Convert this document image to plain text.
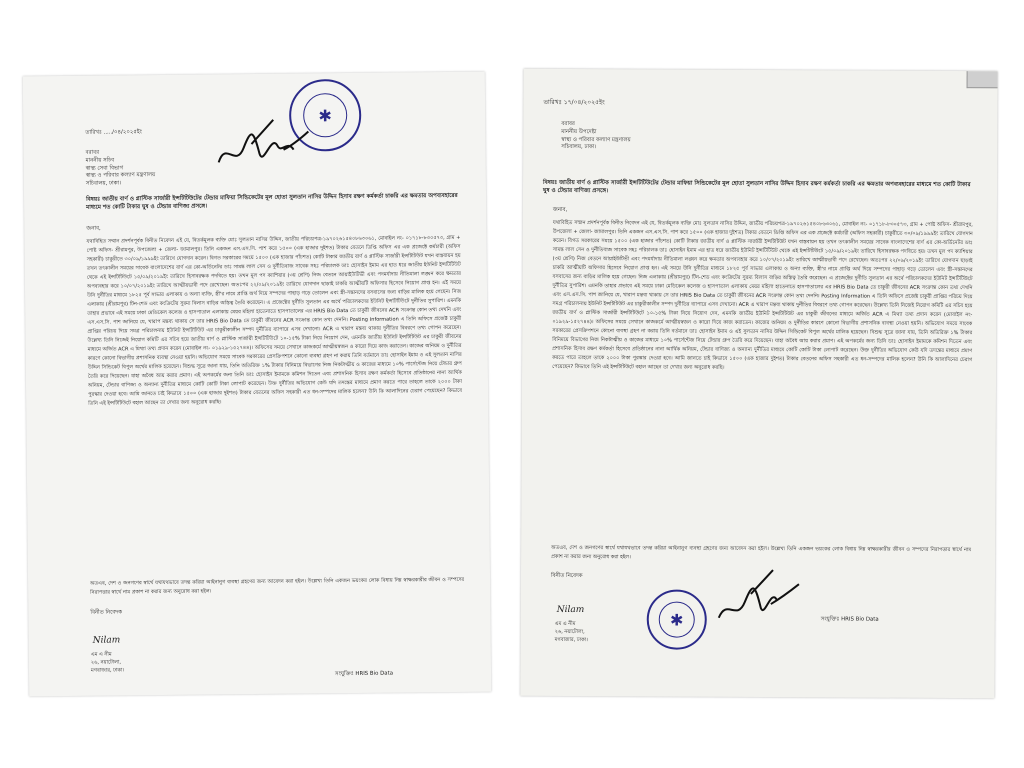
তারিখঃ ...../০৪/২০২৫ইং
✱
বরাবর
মাননীয় সচিব
স্বাস্থ্য সেবা বিভাগ
স্বাস্থ্য ও পরিবার কল্যাণ মন্ত্রণালয়
সচিবালয়, ঢাকা।
বিষয়ঃ জাতীয় বার্ণ ও প্লাস্টিক সার্জারী ইন্সটিটিউটের টেন্ডার মাফিয়া সিন্ডিকেটের মূল হোতা সুলতান নাসির উদ্দিন হিসাব রক্ষণ কর্মকর্তা চাকরি এর ক্ষমতার অপব্যবহারের মাধ্যমে শত কোটি টাকার ঘুষ ও টেন্ডার বাণিজ্য প্রসঙ্গে।
জনাব,
যথাবিহিত সম্মান প্রদর্শনপূর্বক বিনীত নিবেদন এই যে, বিতর্কমূলক ব্যক্তি মোঃ সুলতান নাসির উদ্দিন, জাতীয় পরিচয়পত্র-১৯৭০২৬১৫৪০৮৬৩০৬১, মোবাইল নং- ০১৭১৮-৮৩০৫৭৩, গ্রাম + পোষ্ট অফিস- শ্রীরামপুর, উপজেলা + জেলা- জামালপুর। তিনি একজন এস.এস.সি. পাশ করে ১৫০০ (এক হাজার দুইশত) টাকার বেতনে ডিপ্তি অফিস এর এক প্রজেক্টে কর্মচারী (অফিস সহকারী) চাকুরীতে ৩০/০৯/১৯৯৯ইং তারিখে যোগদান করেন। বিগত সরকারের সময়ে ১৫০০ (এক হাজার পাঁচশত) কোটি টাকার জাতীয় বার্ণ ও প্লাস্টিক সার্জারী ইন্সটিটিউট যখন বাস্তবায়ন হয় তখন তৎকালীন সময়ের সাবেক বাংলাদেশের বার্ণ এর কো-অর্ডিনেটর ডাঃ সামন্ত লাল সেন ও দুর্নীতিবাজ সাবেক সহঃ পরিচালক ডাঃ হোসাইন ইমাম এর হাত ধরে জাতীয় ইউনিট ইন্সটিটিউট থেকে এই ইন্সটিটিউটে ১৫/০৯/২০১৯ইং তারিখে হিসাবরক্ষক পদবিতে হয়। তখন মূল পদ ক্যাশিয়ার (৩য় শ্রেণি) নিজ বেতনে আয়াইউটিভী এবং পদমর্যাদায় নীতিমালা লঙ্ঘন করে ক্ষমতার অপব্যবহার করে ১০/০৭/২০১৯ইং তারিখে আত্মীয়ভাবী পদে রেখেছেন। অতঃপর ২২/০৯/২০১৯ইং তারিখে যোগদান ছাড়াই চাকরি আত্মীয়টি অফিসার হিসেবে নিয়োগ প্রাপ্ত হন। এই সময়ে উনি দুর্নীতির মাধ্যমে ১৮২৫ পূর্ব সাভার এলাকায় ও অন্যা ব্যক্তি, স্ত্রী'র নামে প্রাপ্তি অর্থ দিয়ে সম্পদের পাহাড় গড়ে তোলেন এবং স্ত্রী-সন্তানদের বসবাসের জন্য বাড়ির মালিক হয়ে গেছেন। নিজ এলাকায় (শ্রীরামপুর) টিন-শেড এবং কংক্রিটের সুরম্য বিলাস বাড়ির অস্তিত্ব তৈরি করেছেন। এ প্রজেক্টের দুর্নীতি সুলতান এর অর্থে পরিচালকদের ইউনিট ইন্সটিটিউটে দুর্নীতির সুপারিশ। এমনকি তাহার প্রভাবে এই সময়ে ঢাকা মেডিকেল কলেজ ও হাসপাতাল এলাকায় মেয়র মহিলা হাতেনাতে হাসপাতালের এর HRIS Bio Data তে চাকুরী জীবনের ACR সংক্রান্ত কোন তথ্য দেখনি এবং এস.এস.সি. পাশ জানিয়ে যে, খারাপ মন্তব্য থাকায় সে তার HRIS Bio Data তে চাকুরী জীবনের ACR সংক্রান্ত কোন তথ্য দেননি। Posting Information এ তিনি অফিসে প্রজেক্ট চাকুরী প্রাপ্তির পরিচয় দিয়ে সমগ্র পরিচালনায় ইউনিট ইন্সটিটিউট এর চাকুরীকালীন সম্পদ দুর্নীতির ব্যাপারে এসব দেখানো। ACR এ খারাপ মন্তব্য থাকায় দুর্নীতির বিবরণে তথ্য গোপন করেছেন। উল্লেখ্য তিনি নিজেই নিয়োগ কমিটি এর সচিব হয়ে জাতীয় বার্ণ ও প্লাস্টিক সার্জারী ইন্সটিটিউটে ১০-১৫% টাকা নিয়ে নিয়োগ দেন, এমনকি জাতীয় ইউনিট ইন্সটিটিউট এর চাকুরী জীবনের মাধ্যমে অর্জিত ACR এ মিথ্যা তথ্য প্রদান করেন (মোবাইল নং- ০১৯২৯-১৫২৭৪৪)। অফিসের সময়ে সেখানে কাজকর্মে আত্মীয়স্বজন ও কারো দিয়ে কাজ করাতেন। কাজের অনিয়ম ও দুর্নীতির কারণে কোনো বিভাগীয় প্রশাসনিক ব্যবস্থা নেওয়া হয়নি। অভিযোগ সময়ে সাবেক সরকারের প্রেসক্রিপশনে কোনো ব্যবস্থা গ্রহণ না করায় তিনি বর্তমানে ডাঃ হোসাইন ইমাম ও এই সুলতান নাসির উদ্দিন সিন্ডিকেট বিপুল অর্থের মালিক হয়েছেন। বিশুদ্ধ সূত্রে জানা যায়, তিনি অতিরিক্ত ১% টাকার বিনিময়ে বিভাগের নিজ নিকটাত্মীয় ও কাজের মাধ্যমে ১০% পার্সেন্টেজ নিয়ে টেন্ডার গ্রুপ তৈরি করে দিয়েছেন। যাহা অবৈধ আয় করার প্রমাণ। এই অপকর্মের জন্য তিনি ডাঃ হোসাইন ইমামকে কমিশন দিতেন এবং প্রশাসনিক হিসাব রক্ষণ কর্মকর্তা হিসেবে প্রতিষ্ঠানের নানা আর্থিক অনিয়ম, টেন্ডার বাণিজ্য ও অন্যান্য দুর্নীতির মাধ্যমে কোটি কোটি টাকা লোপাট করেছেন। উক্ত দুর্নীতির অভিযোগ কেউ যদি তদন্তের মাধ্যমে প্রমাণ করতে পারে তাহলে তাকে ২০০০ টাকা পুরস্কার দেওয়া হবে। আমি জানতে চাই কিভাবে ১৫০০ (এক হাজার দুইশত) টাকার বেতনের অফিস সহকারী এত ধন-সম্পদের মালিক হলেন? উনি কি আলাদিনের চেরাগ পেয়েছেন? কিভাবে তিনি এই ইন্সটিটিউটে বহাল আছেন তা দেখার জন্য অনুরোধ করছি।
অতএব, দেশ ও জনগণের স্বার্থে যথাযথভাবে তদন্ত করিয়া আইনানুগ ব্যবস্থা গ্রহণের জন্য আবেদন করা হইল। উল্লেখ্য তিনি একজন ভয়ংকর লোক বিধায় নিম্ন স্বাক্ষরকারীর জীবন ও সম্পদের নিরাপত্তার স্বার্থে নাম প্রকাশ না করার জন্য অনুরোধ করা হইল।
বিনীত নিবেদক
Nilam
এম এ নীম
২৬, নয়াটোলা,
মগবাজার, ঢাকা।
সংযুক্তিঃ HRIS Bio Data
তারিখঃ ১৭/০৪/২০২৫ইং
বরাবর
মাননীয় উপদেষ্টা
স্বাস্থ্য ও পরিবার কল্যাণ মন্ত্রণালয়
সচিবালয়, ঢাকা।
বিষয়ঃ জাতীয় বার্ণ ও প্লাস্টিক সার্জারী ইন্সটিটিউটের টেন্ডার মাফিয়া সিন্ডিকেটের মূল হোতা সুলতান নাসির উদ্দিন হিসাব রক্ষণ কর্মকর্তা চাকরি এর ক্ষমতার অপব্যবহারের মাধ্যমে শত কোটি টাকার ঘুষ ও টেন্ডার বাণিজ্য প্রসঙ্গে।
জনাব,
যথাবিহিত সম্মান প্রদর্শনপূর্বক বিনীত নিবেদন এই যে, বিতর্কমূলক ব্যক্তি মোঃ সুলতান নাসির উদ্দিন, জাতীয় পরিচয়পত্র-১৯৭০২৬১৫৪০৮৬৩০৬১, মোবাইল নং- ০১৭১৮-৮৩০৫৭৩, গ্রাম + পোষ্ট অফিস- শ্রীরামপুর, উপজেলা + জেলা- জামালপুর। তিনি একজন এস.এস.সি. পাশ করে ১৫০০ (এক হাজার দুইশত) টাকার বেতনে ডিপ্তি অফিস এর এক প্রজেক্টে কর্মচারী (অফিস সহকারী) চাকুরীতে ৩০/০৯/১৯৯৯ইং তারিখে যোগদান করেন। বিগত সরকারের সময়ে ১৫০০ (এক হাজার পাঁচশত) কোটি টাকার জাতীয় বার্ণ ও প্লাস্টিক সার্জারী ইন্সটিটিউট যখন বাস্তবায়ন হয় তখন তৎকালীন সময়ের সাবেক বাংলাদেশের বার্ণ এর কো-অর্ডিনেটর ডাঃ সামন্ত লাল সেন ও দুর্নীতিবাজ সাবেক সহঃ পরিচালক ডাঃ হোসাইন ইমাম এর হাত ধরে জাতীয় ইউনিট ইন্সটিটিউট থেকে এই ইন্সটিটিউটে ১৫/০৯/২০১৯ইং তারিখে হিসাবরক্ষক পদবিতে হয়। তখন মূল পদ ক্যাশিয়ার (৩য় শ্রেণি) নিজ বেতনে আয়াইউটিভী এবং পদমর্যাদায় নীতিমালা লঙ্ঘন করে ক্ষমতার অপব্যবহার করে ১০/০৭/২০১৯ইং তারিখে আত্মীয়ভাবী পদে রেখেছেন। অতঃপর ২২/০৯/২০১৯ইং তারিখে যোগদান ছাড়াই চাকরি আত্মীয়টি অফিসার হিসেবে নিয়োগ প্রাপ্ত হন। এই সময়ে উনি দুর্নীতির মাধ্যমে ১৮২৫ পূর্ব সাভার এলাকায় ও অন্যা ব্যক্তি, স্ত্রী'র নামে প্রাপ্তি অর্থ দিয়ে সম্পদের পাহাড় গড়ে তোলেন এবং স্ত্রী-সন্তানদের বসবাসের জন্য বাড়ির মালিক হয়ে গেছেন। নিজ এলাকায় (শ্রীরামপুর) টিন-শেড এবং কংক্রিটের সুরম্য বিলাস বাড়ির অস্তিত্ব তৈরি করেছেন। এ প্রজেক্টের দুর্নীতি সুলতান এর অর্থে পরিচালকদের ইউনিট ইন্সটিটিউটে দুর্নীতির সুপারিশ। এমনকি তাহার প্রভাবে এই সময়ে ঢাকা মেডিকেল কলেজ ও হাসপাতাল এলাকায় মেয়র মহিলা হাতেনাতে হাসপাতালের এর HRIS Bio Data তে চাকুরী জীবনের ACR সংক্রান্ত কোন তথ্য দেখনি এবং এস.এস.সি. পাশ জানিয়ে যে, খারাপ মন্তব্য থাকায় সে তার HRIS Bio Data তে চাকুরী জীবনের ACR সংক্রান্ত কোন তথ্য দেননি। Posting Information এ তিনি অফিসে প্রজেক্ট চাকুরী প্রাপ্তির পরিচয় দিয়ে সমগ্র পরিচালনায় ইউনিট ইন্সটিটিউট এর চাকুরীকালীন সম্পদ দুর্নীতির ব্যাপারে এসব দেখানো। ACR এ খারাপ মন্তব্য থাকায় দুর্নীতির বিবরণে তথ্য গোপন করেছেন। উল্লেখ্য তিনি নিজেই নিয়োগ কমিটি এর সচিব হয়ে জাতীয় বার্ণ ও প্লাস্টিক সার্জারী ইন্সটিটিউটে ১০-১৫% টাকা নিয়ে নিয়োগ দেন, এমনকি জাতীয় ইউনিট ইন্সটিটিউট এর চাকুরী জীবনের মাধ্যমে অর্জিত ACR এ মিথ্যা তথ্য প্রদান করেন (মোবাইল নং- ০১৯২৯-১৫২৭৪৪)। অফিসের সময়ে সেখানে কাজকর্মে আত্মীয়স্বজন ও কারো দিয়ে কাজ করাতেন। কাজের অনিয়ম ও দুর্নীতির কারণে কোনো বিভাগীয় প্রশাসনিক ব্যবস্থা নেওয়া হয়নি। অভিযোগ সময়ে সাবেক সরকারের প্রেসক্রিপশনে কোনো ব্যবস্থা গ্রহণ না করায় তিনি বর্তমানে ডাঃ হোসাইন ইমাম ও এই সুলতান নাসির উদ্দিন সিন্ডিকেট বিপুল অর্থের মালিক হয়েছেন। বিশুদ্ধ সূত্রে জানা যায়, তিনি অতিরিক্ত ১% টাকার বিনিময়ে বিভাগের নিজ নিকটাত্মীয় ও কাজের মাধ্যমে ১০% পার্সেন্টেজ নিয়ে টেন্ডার গ্রুপ তৈরি করে দিয়েছেন। যাহা অবৈধ আয় করার প্রমাণ। এই অপকর্মের জন্য তিনি ডাঃ হোসাইন ইমামকে কমিশন দিতেন এবং প্রশাসনিক হিসাব রক্ষণ কর্মকর্তা হিসেবে প্রতিষ্ঠানের নানা আর্থিক অনিয়ম, টেন্ডার বাণিজ্য ও অন্যান্য দুর্নীতির মাধ্যমে কোটি কোটি টাকা লোপাট করেছেন। উক্ত দুর্নীতির অভিযোগ কেউ যদি তদন্তের মাধ্যমে প্রমাণ করতে পারে তাহলে তাকে ২০০০ টাকা পুরস্কার দেওয়া হবে। আমি জানতে চাই কিভাবে ১৫০০ (এক হাজার দুইশত) টাকার বেতনের অফিস সহকারী এত ধন-সম্পদের মালিক হলেন? উনি কি আলাদিনের চেরাগ পেয়েছেন? কিভাবে তিনি এই ইন্সটিটিউটে বহাল আছেন তা দেখার জন্য অনুরোধ করছি।
অতএব, দেশ ও জনগণের স্বার্থে যথাযথভাবে তদন্ত করিয়া আইনানুগ ব্যবস্থা গ্রহণের জন্য আবেদন করা হইল। উল্লেখ্য তিনি একজন ভয়ংকর লোক বিধায় নিম্ন স্বাক্ষরকারীর জীবন ও সম্পদের নিরাপত্তার স্বার্থে নাম প্রকাশ না করার জন্য অনুরোধ করা হইল।
বিনীত নিবেদক
✱
Nilam
এম এ নীম
২৬, নয়াটোলা,
মগবাজার, ঢাকা।
সংযুক্তিঃ HRIS Bio Data
